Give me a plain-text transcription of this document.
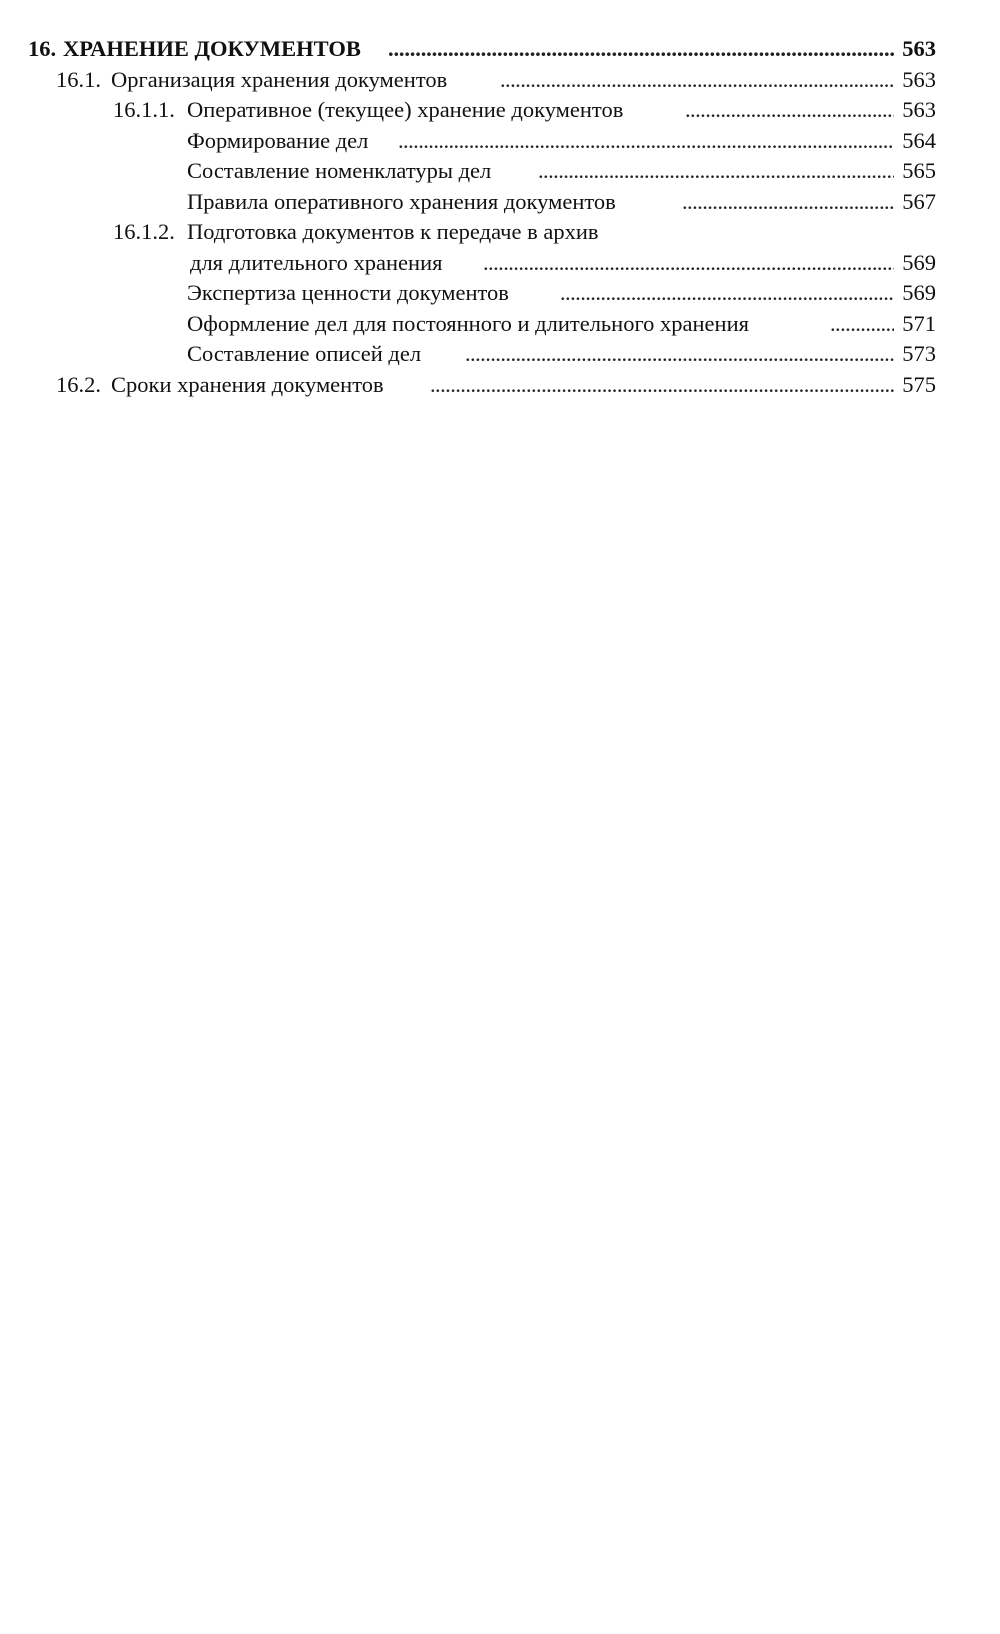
16. ХРАНЕНИЕ ДОКУМЕНТОВ . . .	563
16.1. Организация хранения документов . . .	563
16.1.1. Оперативное (текущее) хранение документов . . .	563
Формирование дел . . .	564
Составление номенклатуры дел . . .	565
Правила оперативного хранения документов . . .	567
16.1.2. Подготовка документов к передаче в архив
для длительного хранения . . .	569
Экспертиза ценности документов . . .	569
Оформление дел для постоянного и длительного хранения . . .	571
Составление описей дел . . .	573
16.2. Сроки хранения документов . . .	575
